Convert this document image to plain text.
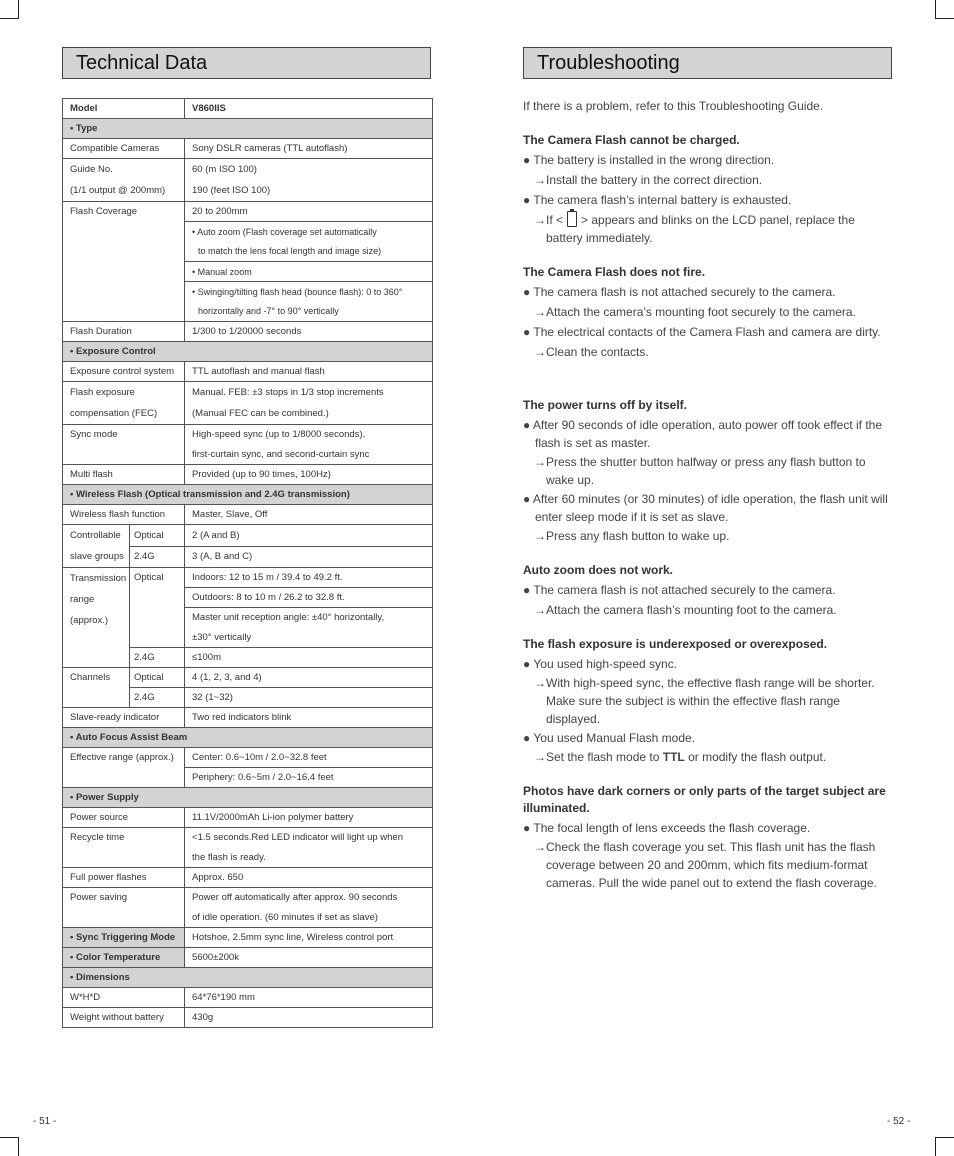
Technical Data	Troubleshooting
Model		V860IIS
• Type		
Compatible Cameras		Sony DSLR cameras (TTL autoflash)
Guide No.
(1/1 output @ 200mm)		60 (m ISO 100)
		190 (feet ISO 100)
Flash Coverage		20 to 200mm
		• Auto zoom (Flash coverage set automatically
		to match the lens focal length and image size)
		• Manual zoom
		• Swinging/tilting flash head (bounce flash): 0 to 360°
		horizontally and -7° to 90° vertically
Flash Duration		1/300 to 1/20000 seconds
• Exposure Control		
Exposure control system		TTL autoflash and manual flash
Flash exposure
compensation (FEC)		Manual. FEB: ±3 stops in 1/3 stop increments
		(Manual FEC can be combined.)
Sync mode		High-speed sync (up to 1/8000 seconds),
		first-curtain sync, and second-curtain sync
Multi flash		Provided (up to 90 times, 100Hz)
• Wireless Flash (Optical transmission and 2.4G transmission)		
Wireless flash function		Master, Slave, Off
Controllable
slave groups	Optical	2 (A and B)
	2.4G	3 (A, B and C)
Transmission
range
(approx.)	Optical	Indoors: 12 to 15 m / 39.4 to 49.2 ft.
		Outdoors: 8 to 10 m / 26.2 to 32.8 ft.
		Master unit reception angle: ±40° horizontally,
		±30° vertically
	2.4G	≤100m
Channels	Optical	4 (1, 2, 3, and 4)
	2.4G	32 (1~32)
Slave-ready indicator		Two red indicators blink
• Auto Focus Assist Beam		
Effective range (approx.)		Center: 0.6~10m / 2.0~32.8 feet
		Periphery: 0.6~5m / 2.0~16.4 feet
• Power Supply		
Power source		11.1V/2000mAh Li-ion polymer battery
Recycle time		<1.5 seconds.Red LED indicator will light up when
		the flash is ready.
Full power flashes		Approx. 650
Power saving		Power off automatically after approx. 90 seconds
		of idle operation. (60 minutes if set as slave)
• Sync Triggering Mode		Hotshoe, 2.5mm sync line, Wireless control port
• Color Temperature		5600±200k
• Dimensions		
W*H*D		64*76*190 mm
Weight without battery		430g

If there is a problem, refer to this Troubleshooting Guide.

The Camera Flash cannot be charged.

● The battery is installed in the wrong direction.

→Install the battery in the correct direction.

● The camera flash’s internal battery is exhausted.

→If < > appears and blinks on the LCD panel, replace the battery immediately.

The Camera Flash does not fire.

● The camera flash is not attached securely to the camera.

→Attach the camera’s mounting foot securely to the camera.

● The electrical contacts of the Camera Flash and camera are dirty.

→Clean the contacts.

The power turns off by itself.

● After 90 seconds of idle operation, auto power off took effect if the flash is set as master.

→Press the shutter button halfway or press any flash button to wake up.

● After 60 minutes (or 30 minutes) of idle operation, the flash unit will enter sleep mode if it is set as slave.

→Press any flash button to wake up.

Auto zoom does not work.

● The camera flash is not attached securely to the camera.

→Attach the camera flash’s mounting foot to the camera.

The flash exposure is underexposed or overexposed.

● You used high-speed sync.

→With high-speed sync, the effective flash range will be shorter. Make sure the subject is within the effective flash range displayed.

● You used Manual Flash mode.

→Set the flash mode to TTL or modify the flash output.

Photos have dark corners or only parts of the target subject are illuminated.

● The focal length of lens exceeds the flash coverage.

→Check the flash coverage you set. This flash unit has the flash coverage between 20 and 200mm, which fits medium-format cameras. Pull the wide panel out to extend the flash coverage.

- 51 -	- 52 -
